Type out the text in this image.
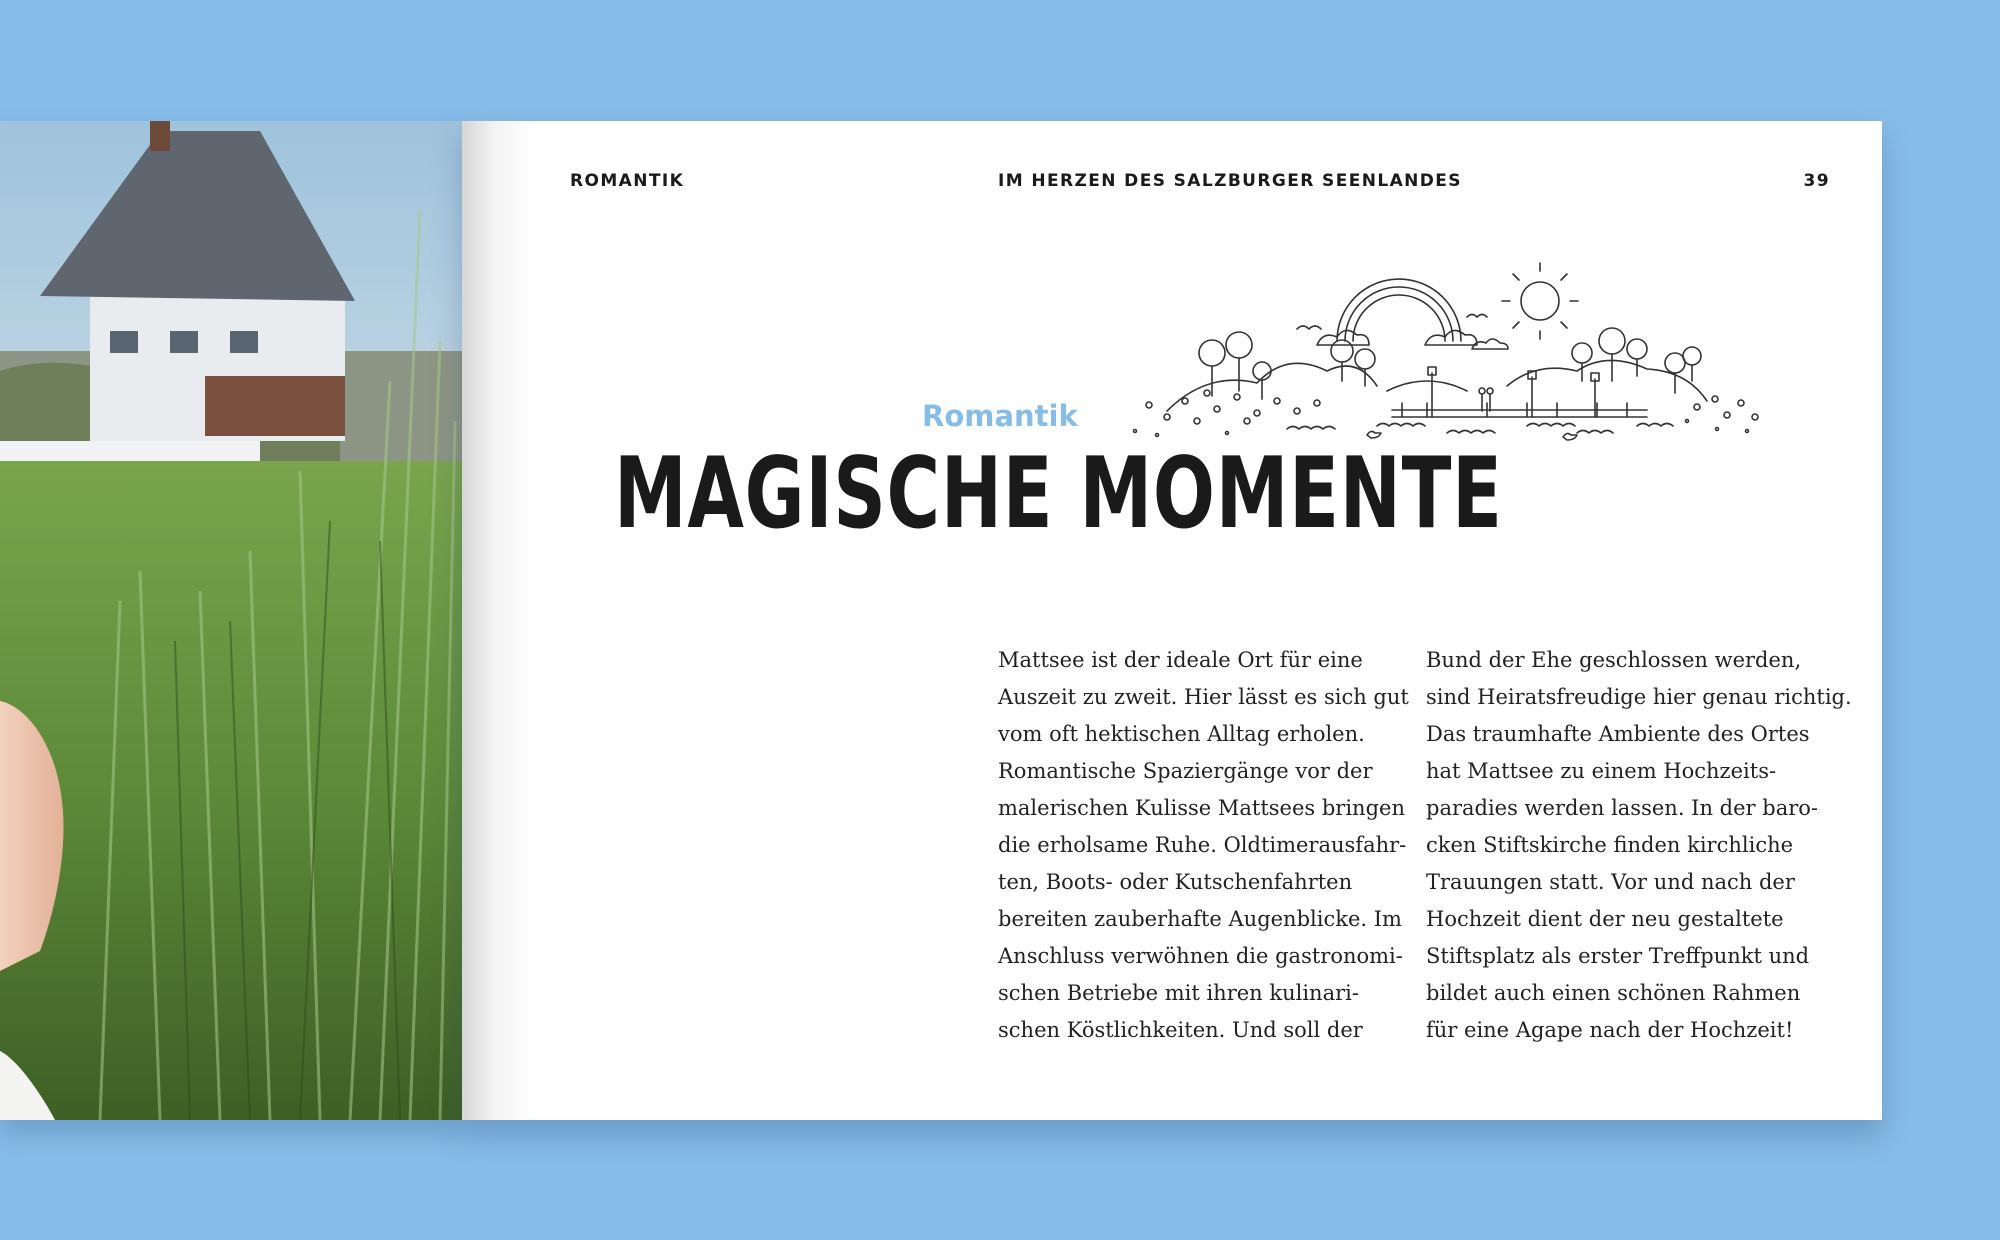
ROMANTIK	IM HERZEN DES SALZBURGER SEENLANDES	39
Romantik
MAGISCHE MOMENTE
Mattsee ist der ideale Ort für eine
Auszeit zu zweit. Hier lässt es sich gut
vom oft hektischen Alltag erholen.
Romantische Spaziergänge vor der
malerischen Kulisse Mattsees bringen
die erholsame Ruhe. Oldtimerausfahr-
ten, Boots- oder Kutschenfahrten
bereiten zauberhafte Augenblicke. Im
Anschluss verwöhnen die gastronomi-
schen Betriebe mit ihren kulinari-
schen Köstlichkeiten. Und soll der
Bund der Ehe geschlossen werden,
sind Heiratsfreudige hier genau richtig.
Das traumhafte Ambiente des Ortes
hat Mattsee zu einem Hochzeits-
paradies werden lassen. In der baro-
cken Stiftskirche finden kirchliche
Trauungen statt. Vor und nach der
Hochzeit dient der neu gestaltete
Stiftsplatz als erster Treffpunkt und
bildet auch einen schönen Rahmen
für eine Agape nach der Hochzeit!
